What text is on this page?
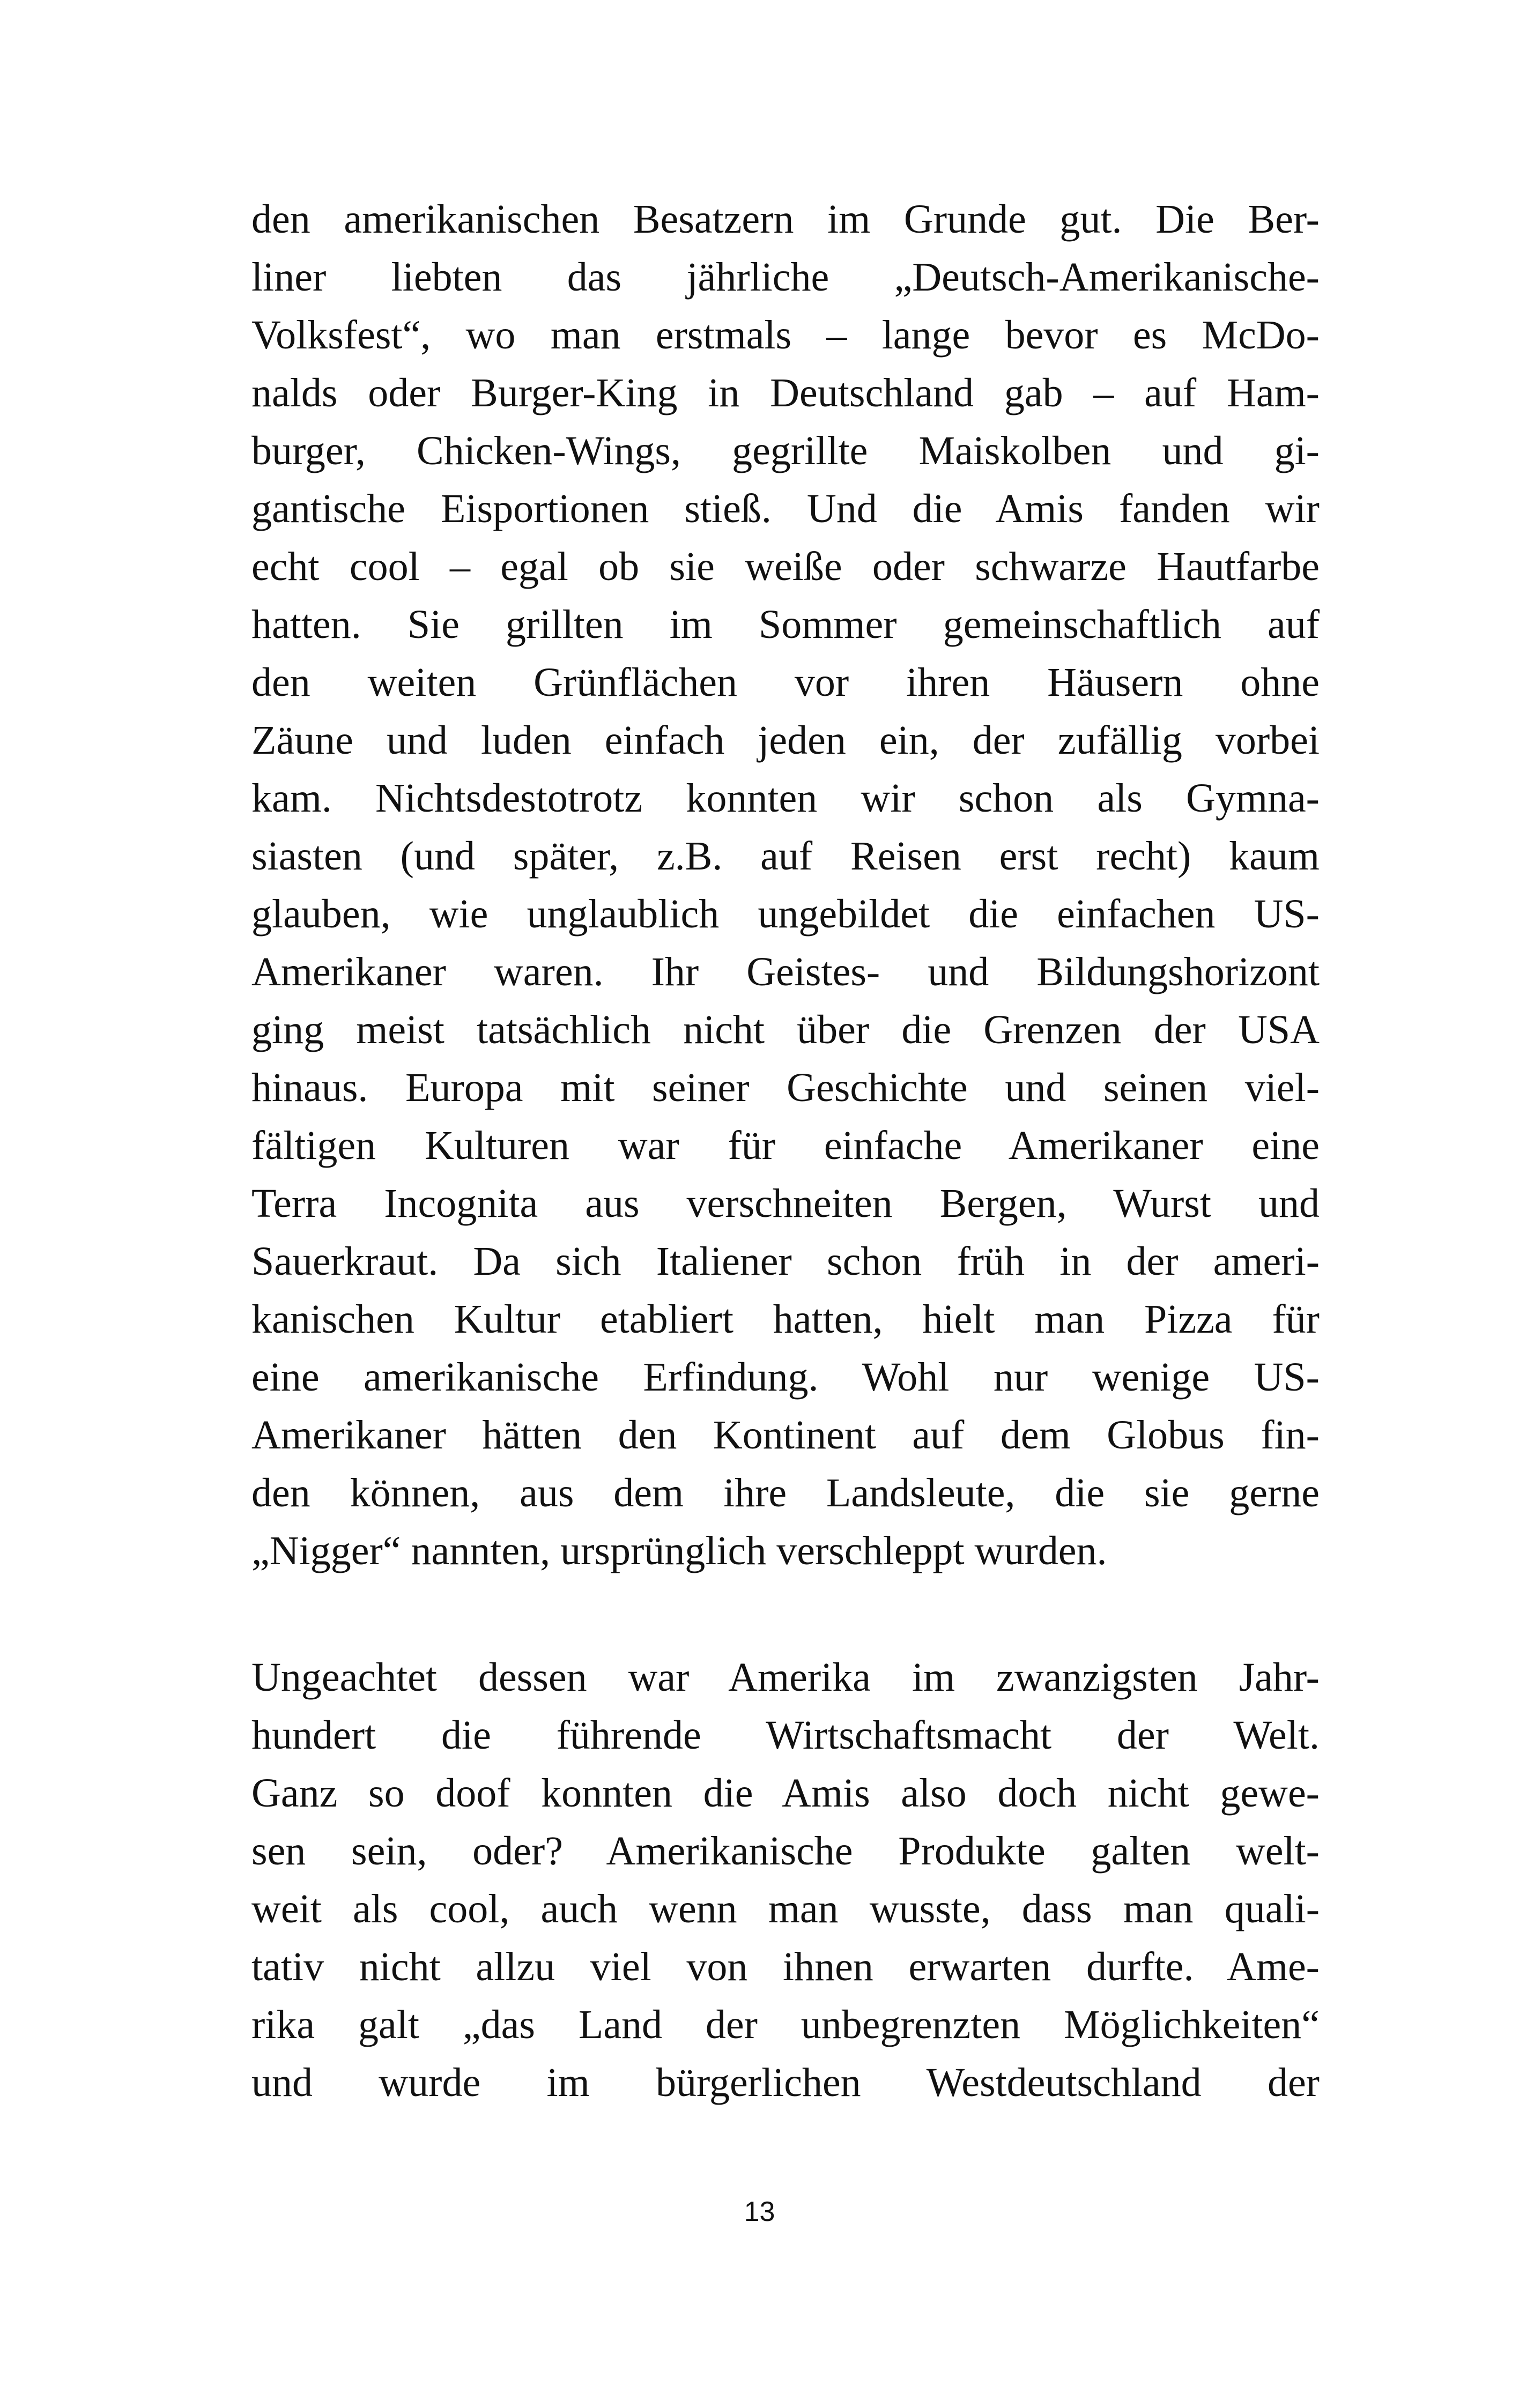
den amerikanischen Besatzern im Grunde gut. Die Ber-
liner liebten das jährliche „Deutsch-Amerikanische-
Volksfest“, wo man erstmals – lange bevor es McDo-
nalds oder Burger-King in Deutschland gab – auf Ham-
burger, Chicken-Wings, gegrillte Maiskolben und gi-
gantische Eisportionen stieß. Und die Amis fanden wir
echt cool – egal ob sie weiße oder schwarze Hautfarbe
hatten. Sie grillten im Sommer gemeinschaftlich auf
den weiten Grünflächen vor ihren Häusern ohne
Zäune und luden einfach jeden ein, der zufällig vorbei
kam. Nichtsdestotrotz konnten wir schon als Gymna-
siasten (und später, z.B. auf Reisen erst recht) kaum
glauben, wie unglaublich ungebildet die einfachen US-
Amerikaner waren. Ihr Geistes- und Bildungshorizont
ging meist tatsächlich nicht über die Grenzen der USA
hinaus. Europa mit seiner Geschichte und seinen viel-
fältigen Kulturen war für einfache Amerikaner eine
Terra Incognita aus verschneiten Bergen, Wurst und
Sauerkraut. Da sich Italiener schon früh in der ameri-
kanischen Kultur etabliert hatten, hielt man Pizza für
eine amerikanische Erfindung. Wohl nur wenige US-
Amerikaner hätten den Kontinent auf dem Globus fin-
den können, aus dem ihre Landsleute, die sie gerne
„Nigger“ nannten, ursprünglich verschleppt wurden.
Ungeachtet dessen war Amerika im zwanzigsten Jahr-
hundert die führende Wirtschaftsmacht der Welt.
Ganz so doof konnten die Amis also doch nicht gewe-
sen sein, oder? Amerikanische Produkte galten welt-
weit als cool, auch wenn man wusste, dass man quali-
tativ nicht allzu viel von ihnen erwarten durfte. Ame-
rika galt „das Land der unbegrenzten Möglichkeiten“
und wurde im bürgerlichen Westdeutschland der
13
